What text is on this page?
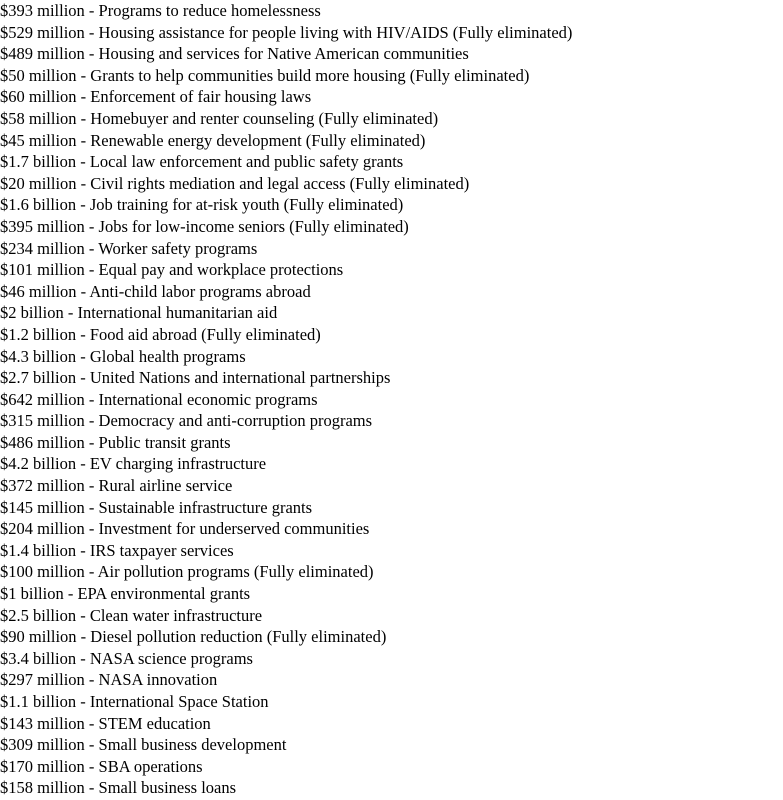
$393 million - Programs to reduce homelessness
$529 million - Housing assistance for people living with HIV/AIDS (Fully eliminated)
$489 million - Housing and services for Native American communities
$50 million - Grants to help communities build more housing (Fully eliminated)
$60 million - Enforcement of fair housing laws
$58 million - Homebuyer and renter counseling (Fully eliminated)
$45 million - Renewable energy development (Fully eliminated)
$1.7 billion - Local law enforcement and public safety grants
$20 million - Civil rights mediation and legal access (Fully eliminated)
$1.6 billion - Job training for at-risk youth (Fully eliminated)
$395 million - Jobs for low-income seniors (Fully eliminated)
$234 million - Worker safety programs
$101 million - Equal pay and workplace protections
$46 million - Anti-child labor programs abroad
$2 billion - International humanitarian aid
$1.2 billion - Food aid abroad (Fully eliminated)
$4.3 billion - Global health programs
$2.7 billion - United Nations and international partnerships
$642 million - International economic programs
$315 million - Democracy and anti-corruption programs
$486 million - Public transit grants
$4.2 billion - EV charging infrastructure
$372 million - Rural airline service
$145 million - Sustainable infrastructure grants
$204 million - Investment for underserved communities
$1.4 billion - IRS taxpayer services
$100 million - Air pollution programs (Fully eliminated)
$1 billion - EPA environmental grants
$2.5 billion - Clean water infrastructure
$90 million - Diesel pollution reduction (Fully eliminated)
$3.4 billion - NASA science programs
$297 million - NASA innovation
$1.1 billion - International Space Station
$143 million - STEM education
$309 million - Small business development
$170 million - SBA operations
$158 million - Small business loans
